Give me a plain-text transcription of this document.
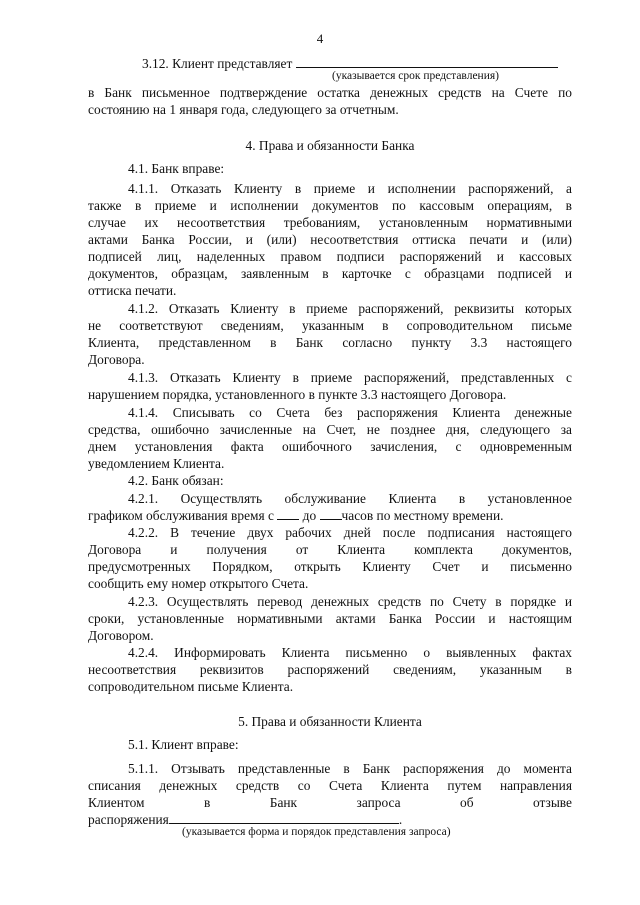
4
3.12. Клиент представляет
(указывается срок представления)
в Банк письменное подтверждение остатка денежных средств на Счете по
состоянию на 1 января года, следующего за отчетным.
4. Права и обязанности Банка
4.1. Банк вправе:
4.1.1. Отказать Клиенту в приеме и исполнении распоряжений, а
также в приеме и исполнении документов по кассовым операциям, в
случае их несоответствия требованиям, установленным нормативными
актами Банка России, и (или) несоответствия оттиска печати и (или)
подписей лиц, наделенных правом подписи распоряжений и кассовых
документов, образцам, заявленным в карточке с образцами подписей и
оттиска печати.
4.1.2. Отказать Клиенту в приеме распоряжений, реквизиты которых
не соответствуют сведениям, указанным в сопроводительном письме
Клиента, представленном в Банк согласно пункту 3.3 настоящего
Договора.
4.1.3. Отказать Клиенту в приеме распоряжений, представленных с
нарушением порядка, установленного в пункте 3.3 настоящего Договора.
4.1.4. Списывать со Счета без распоряжения Клиента денежные
средства, ошибочно зачисленные на Счет, не позднее дня, следующего за
днем установления факта ошибочного зачисления, с одновременным
уведомлением Клиента.
4.2. Банк обязан:
4.2.1. Осуществлять обслуживание Клиента в установленное
графиком обслуживания время с до часов по местному времени.
4.2.2. В течение двух рабочих дней после подписания настоящего
Договора и получения от Клиента комплекта документов,
предусмотренных Порядком, открыть Клиенту Счет и письменно
сообщить ему номер открытого Счета.
4.2.3. Осуществлять перевод денежных средств по Счету в порядке и
сроки, установленные нормативными актами Банка России и настоящим
Договором.
4.2.4. Информировать Клиента письменно о выявленных фактах
несоответствия реквизитов распоряжений сведениям, указанным в
сопроводительном письме Клиента.
5. Права и обязанности Клиента
5.1. Клиент вправе:
5.1.1. Отзывать представленные в Банк распоряжения до момента
списания денежных средств со Счета Клиента путем направления
Клиентом в Банк запроса об отзыве
распоряжения	.
(указывается форма и порядок представления запроса)
